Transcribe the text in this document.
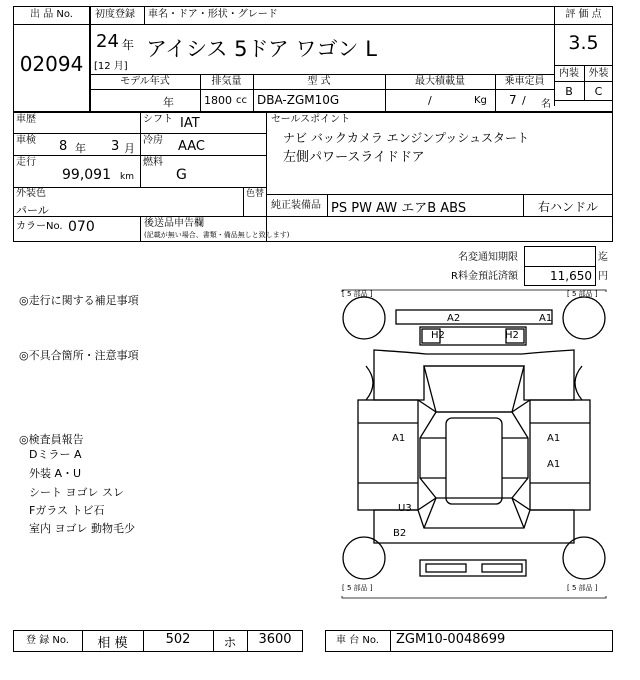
出 品 No.
02094
初度登録 車名・ドア・形状・グレード
24 年
[12 月]
アイシス 5ドア ワゴン L
評 価 点
3.5
内装 外装
B	C
モデル年式	排気量	型 式	最大積載量	乗車定員
年	1800 cc DBA-ZGM10G	/	Kg 7 / 名
車歴	シフト IAT
車検 8 年 3 月
冷房 AAC
走行
99,091 km
燃料
G
外装色
パール
色替
カラーNo. 070	後送品申告欄
(記載が無い場合、書類・備品無しと致します)
セールスポイント
ナビ バックカメラ エンジンプッシュスタート
左側パワースライドドア
純正装備品 PS PW AW エアB ABS	右ハンドル
名変通知期限	迄
R料金預託済額	11,650 円
◎走行に関する補足事項
◎不具合箇所・注意事項
◎検査員報告
Dミラー A
外装 A・U
シート ヨゴレ スレ
Fガラス トビ石
室内 ヨゴレ 動物毛少
[ 5 部品 ]	[ 5 部品 ]
[ 5 部品 ]	[ 5 部品 ]
A2	A1
H2	H2
A1	A1
A1
U3
B2
登 録 No.	相 模	502	ホ	3600	車 台 No.	ZGM10-0048699
